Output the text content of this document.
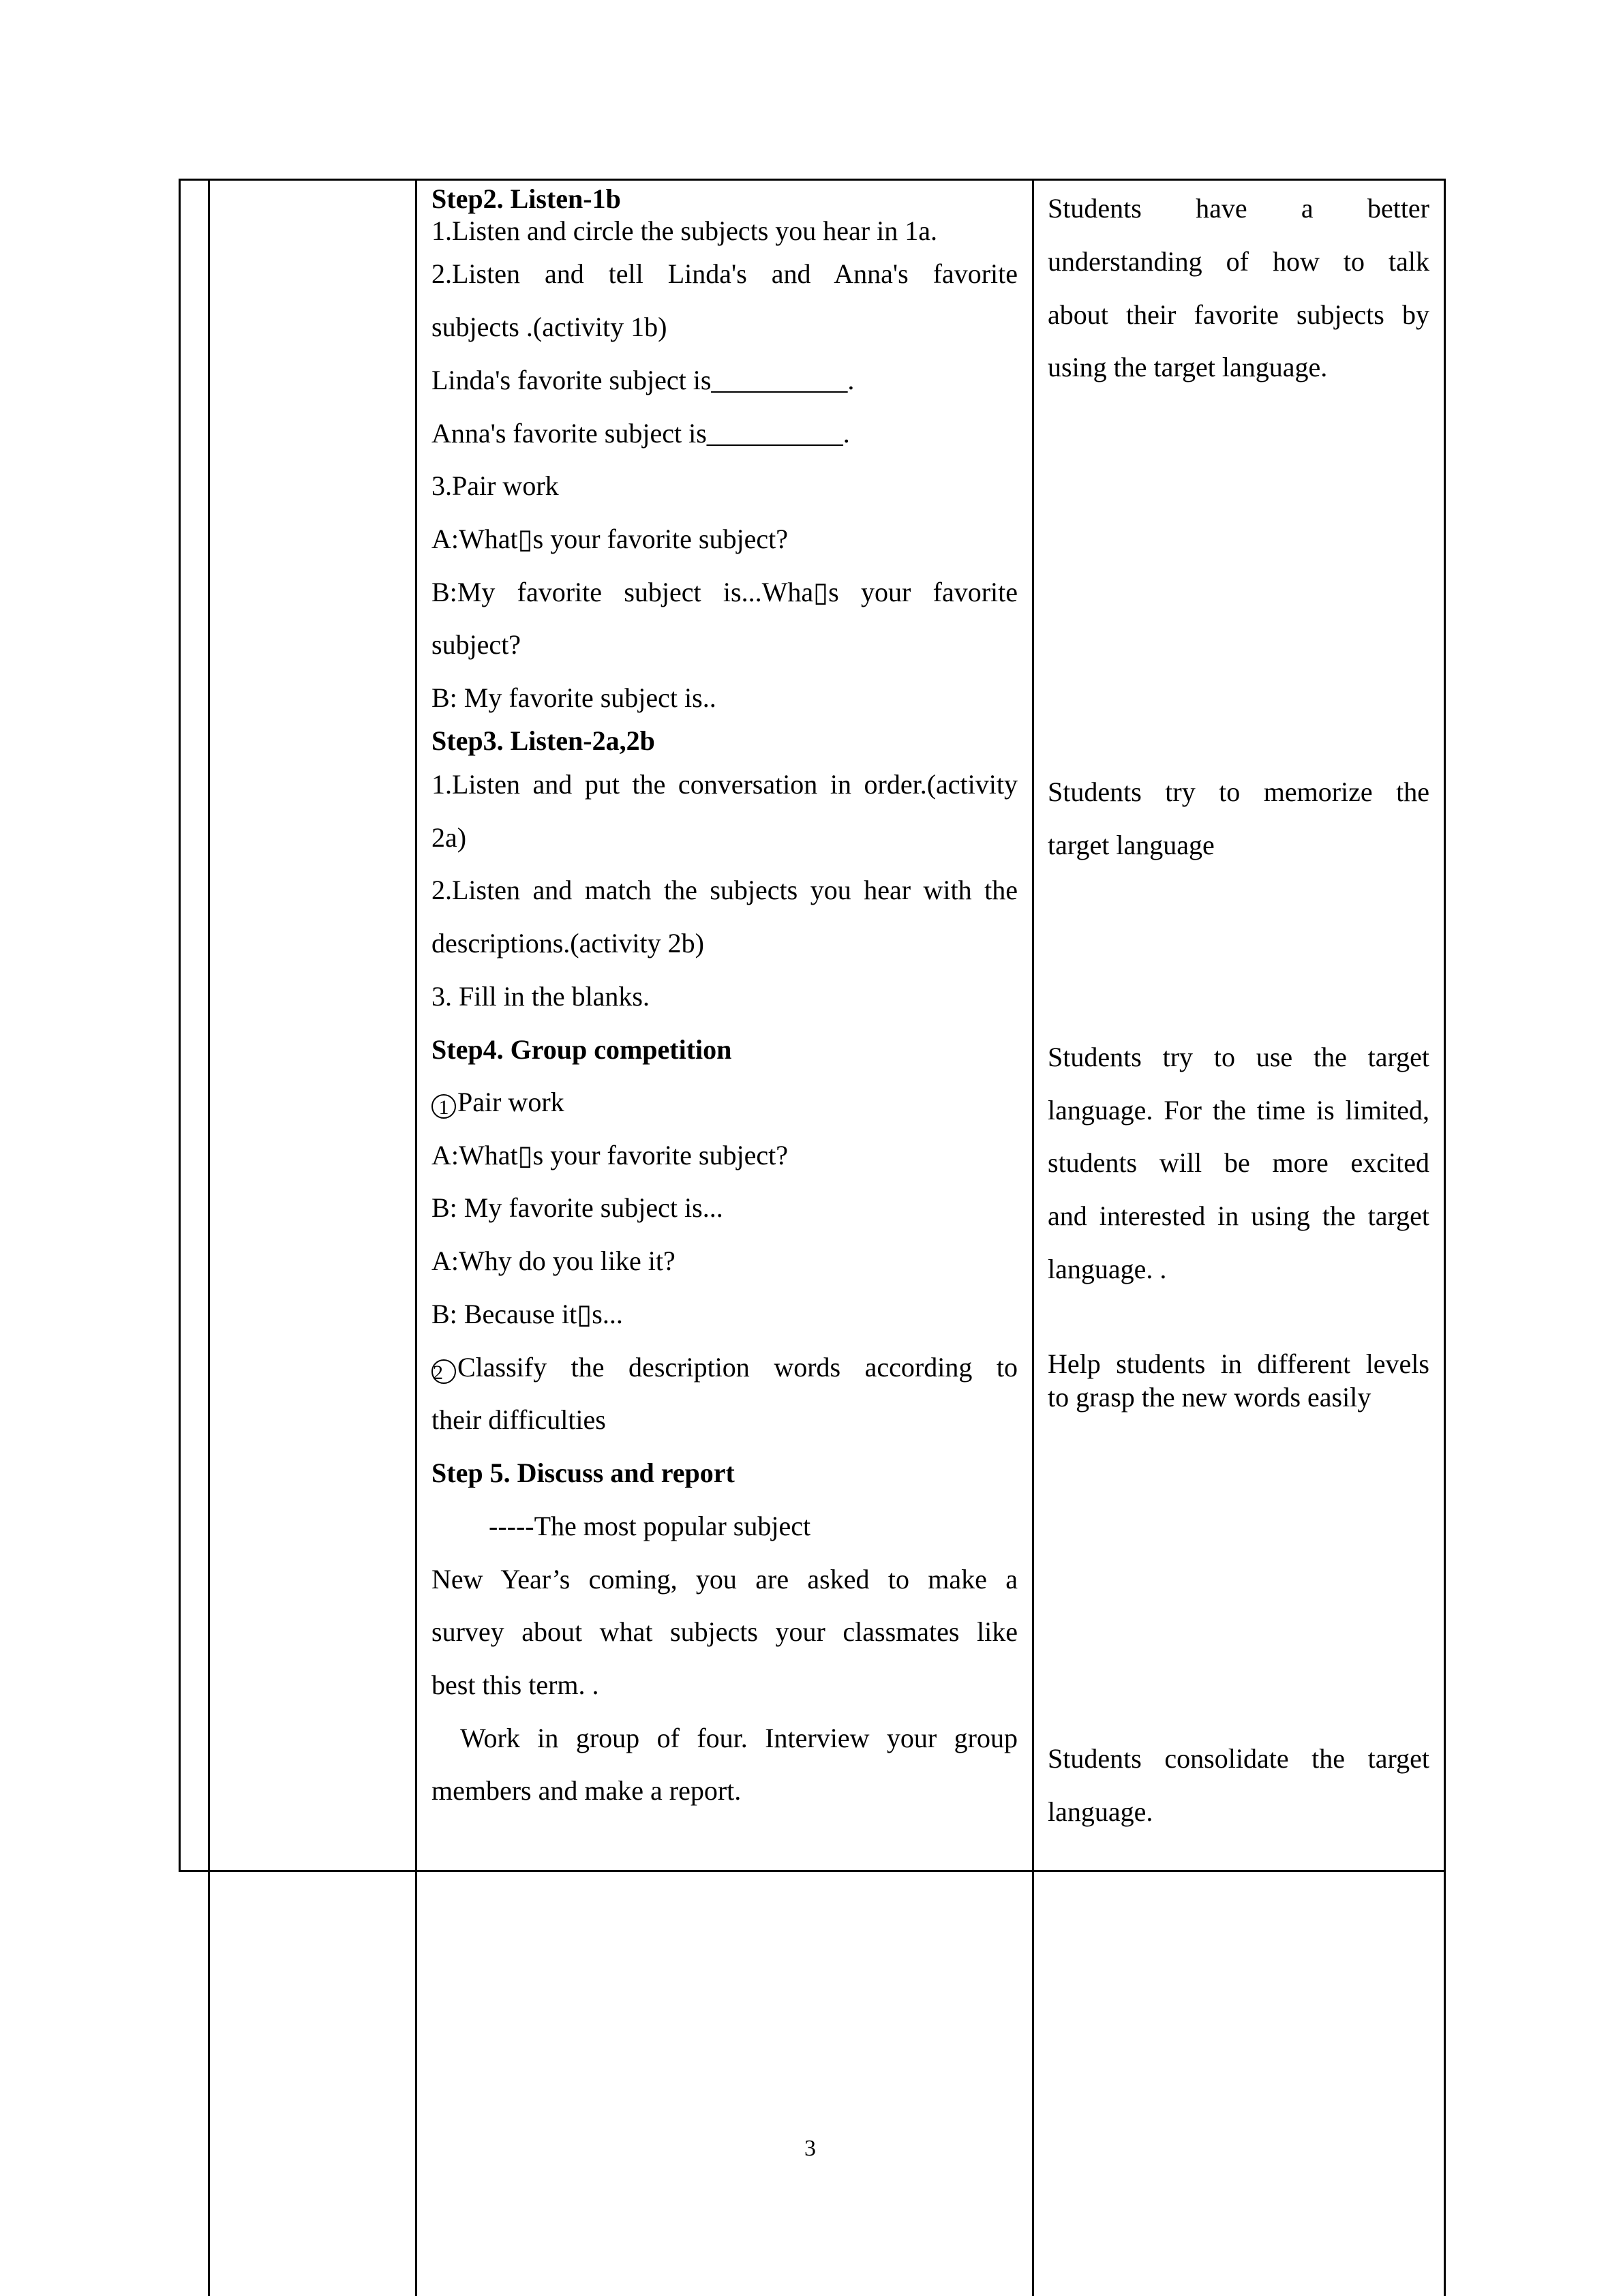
Step2. Listen-1b
1.Listen and circle the subjects you hear in 1a.
2.Listen and tell Linda's and Anna's favorite
subjects .(activity 1b)
Linda's favorite subject is__________.
Anna's favorite subject is__________.
3.Pair work
A:What▯s your favorite subject?
B:My favorite subject is...Wha▯s your favorite
subject?
B: My favorite subject is..
Step3. Listen-2a,2b
1.Listen and put the conversation in order.(activity
2a)
2.Listen and match the subjects you hear with the
descriptions.(activity 2b)
3. Fill in the blanks.
Step4. Group competition
1 Pair work
A:What▯s your favorite subject?
B: My favorite subject is...
A:Why do you like it?
B: Because it▯s...
2 Classify the description words according to
their difficulties
Step 5. Discuss and report
-----The most popular subject
New Year’s coming, you are asked to make a
survey about what subjects your classmates like
best this term. .
Work in group of four. Interview your group
members and make a report.
Students have a better
understanding of how to talk
about their favorite subjects by
using the target language.
Students try to memorize the
target language
Students try to use the target
language. For the time is limited,
students will be more excited
and interested in using the target
language. .
Help students in different levels
to grasp the new words easily
Students consolidate the target
language.
3
